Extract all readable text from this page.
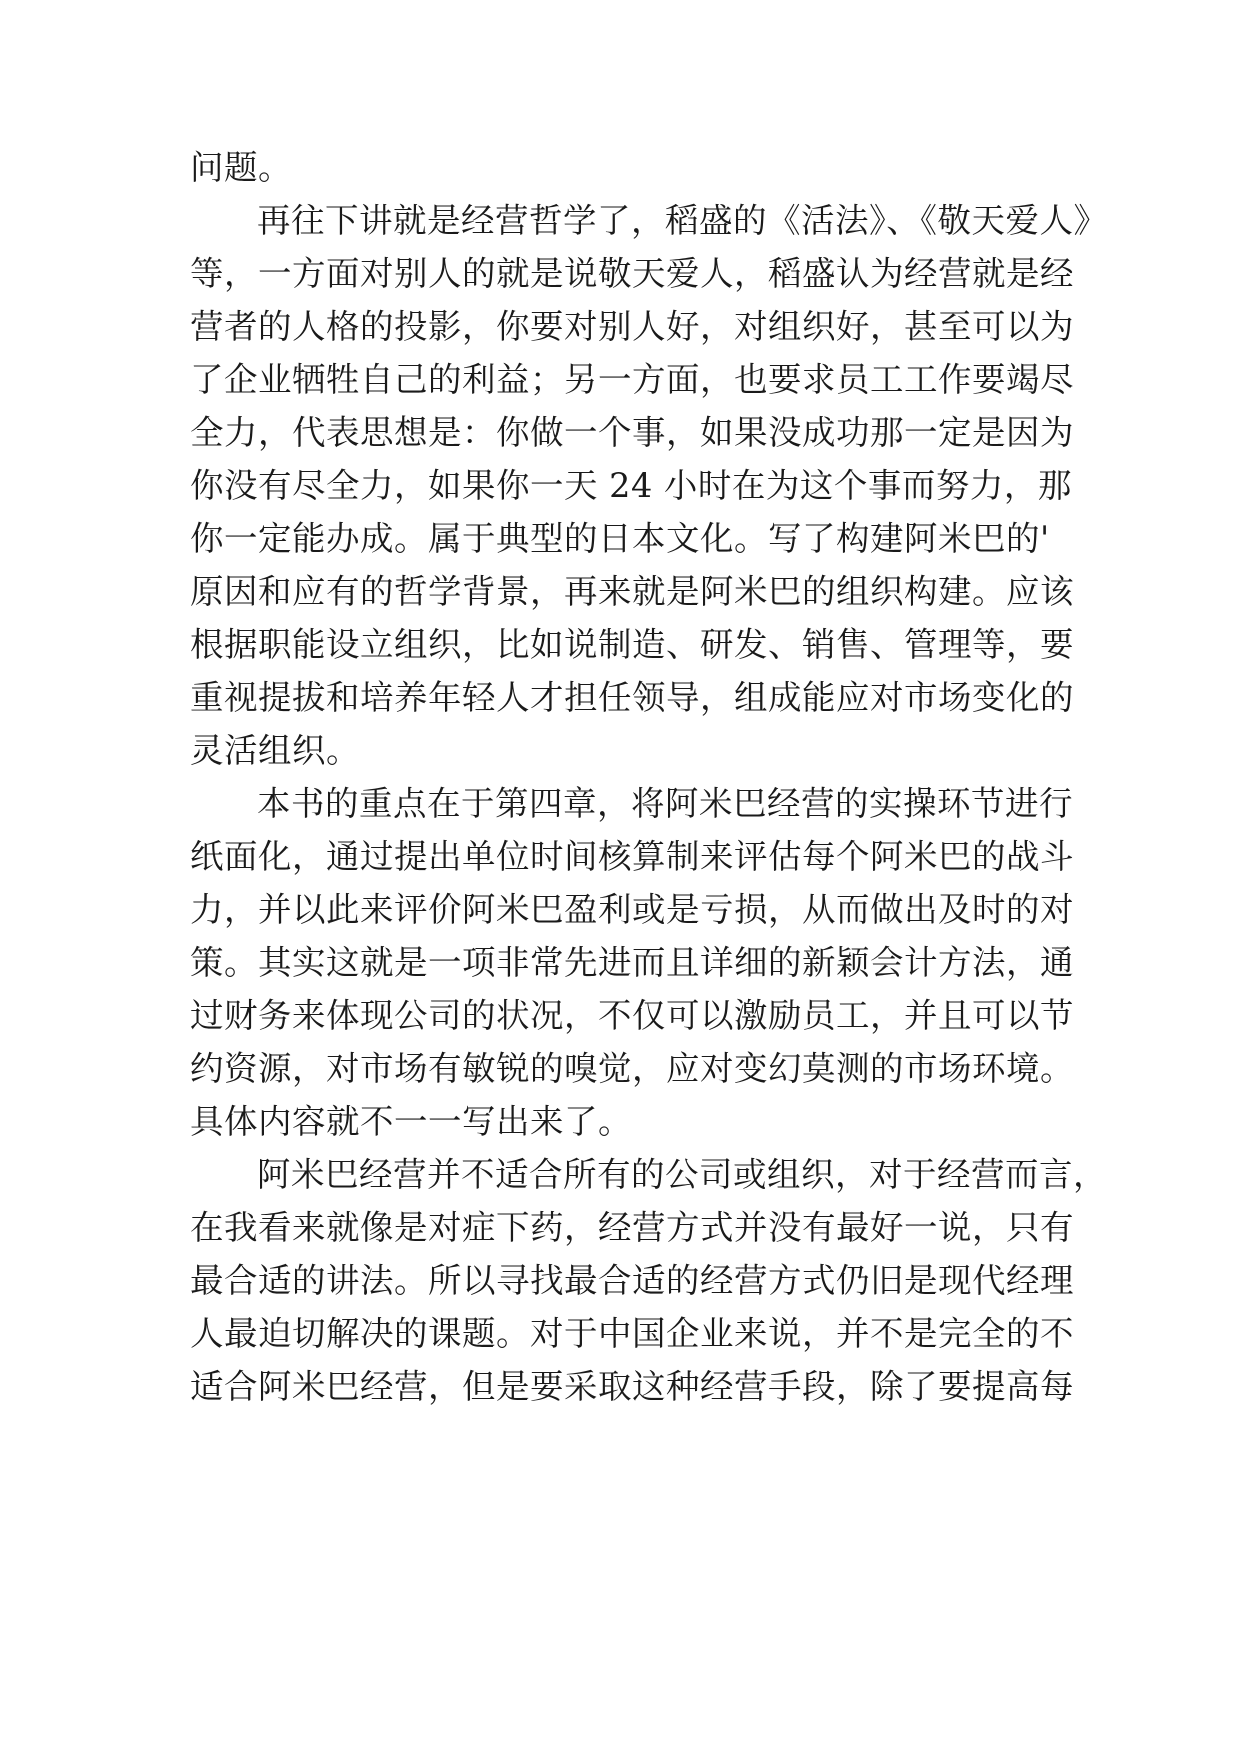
问题。
再往下讲就是经营哲学了，稻盛的《活法》、《敬天爱人》
等，一方面对别人的就是说敬天爱人，稻盛认为经营就是经
营者的人格的投影，你要对别人好，对组织好，甚至可以为
了企业牺牲自己的利益；另一方面，也要求员工工作要竭尽
全力，代表思想是：你做一个事，如果没成功那一定是因为
你没有尽全力，如果你一天 24 小时在为这个事而努力，那
你一定能办成。属于典型的日本文化。写了构建阿米巴的'
原因和应有的哲学背景，再来就是阿米巴的组织构建。应该
根据职能设立组织，比如说制造、研发、销售、管理等，要
重视提拔和培养年轻人才担任领导，组成能应对市场变化的
灵活组织。
本书的重点在于第四章，将阿米巴经营的实操环节进行
纸面化，通过提出单位时间核算制来评估每个阿米巴的战斗
力，并以此来评价阿米巴盈利或是亏损，从而做出及时的对
策。其实这就是一项非常先进而且详细的新颖会计方法，通
过财务来体现公司的状况，不仅可以激励员工，并且可以节
约资源，对市场有敏锐的嗅觉，应对变幻莫测的市场环境。
具体内容就不一一写出来了。
阿米巴经营并不适合所有的公司或组织，对于经营而言，
在我看来就像是对症下药，经营方式并没有最好一说，只有
最合适的讲法。所以寻找最合适的经营方式仍旧是现代经理
人最迫切解决的课题。对于中国企业来说，并不是完全的不
适合阿米巴经营，但是要采取这种经营手段，除了要提高每
